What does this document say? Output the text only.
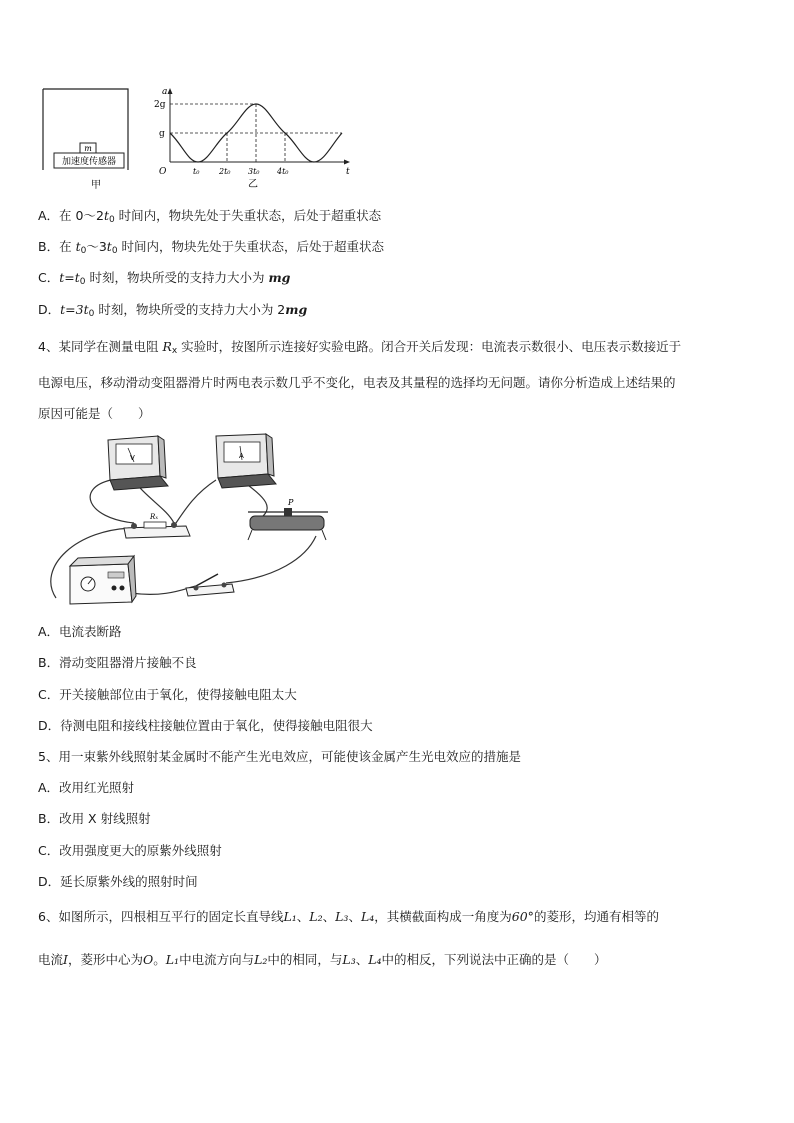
m
加速度传感器
甲
a
t
O
2g
g
t₀ 2t₀ 3t₀ 4t₀
乙
A．在 $0\sim 2t_0$ 时间内，物块先处于失重状态，后处于超重状态
B．在 $t_0\sim 3t_0$ 时间内，物块先处于失重状态，后处于超重状态
C．$t=t_0$ 时刻，物块所受的支持力大小为 mg
D．$t=3t_0$ 时刻，物块所受的支持力大小为 2mg
4、某同学在测量电阻 $R_x$ 实验时，按图所示连接好实验电路。闭合开关后发现：电流表示数很小、电压表示数接近于
电源电压，移动滑动变阻器滑片时两电表示数几乎不变化，电表及其量程的选择均无问题。请你分析造成上述结果的
原因可能是（　　）
V	A
Rx
P
A．电流表断路
B．滑动变阻器滑片接触不良
C．开关接触部位由于氧化，使得接触电阻太大
D．待测电阻和接线柱接触位置由于氧化，使得接触电阻很大
5、用一束紫外线照射某金属时不能产生光电效应，可能使该金属产生光电效应的措施是
A．改用红光照射
B．改用 X 射线照射
C．改用强度更大的原紫外线照射
D．延长原紫外线的照射时间
6、如图所示，四根相互平行的固定长直导线L₁、L₂、L₃、L₄，其横截面构成一角度为60°的菱形，均通有相等的
电流I，菱形中心为O。L₁中电流方向与L₂中的相同，与L₃、L₄中的相反，下列说法中正确的是（　　）
